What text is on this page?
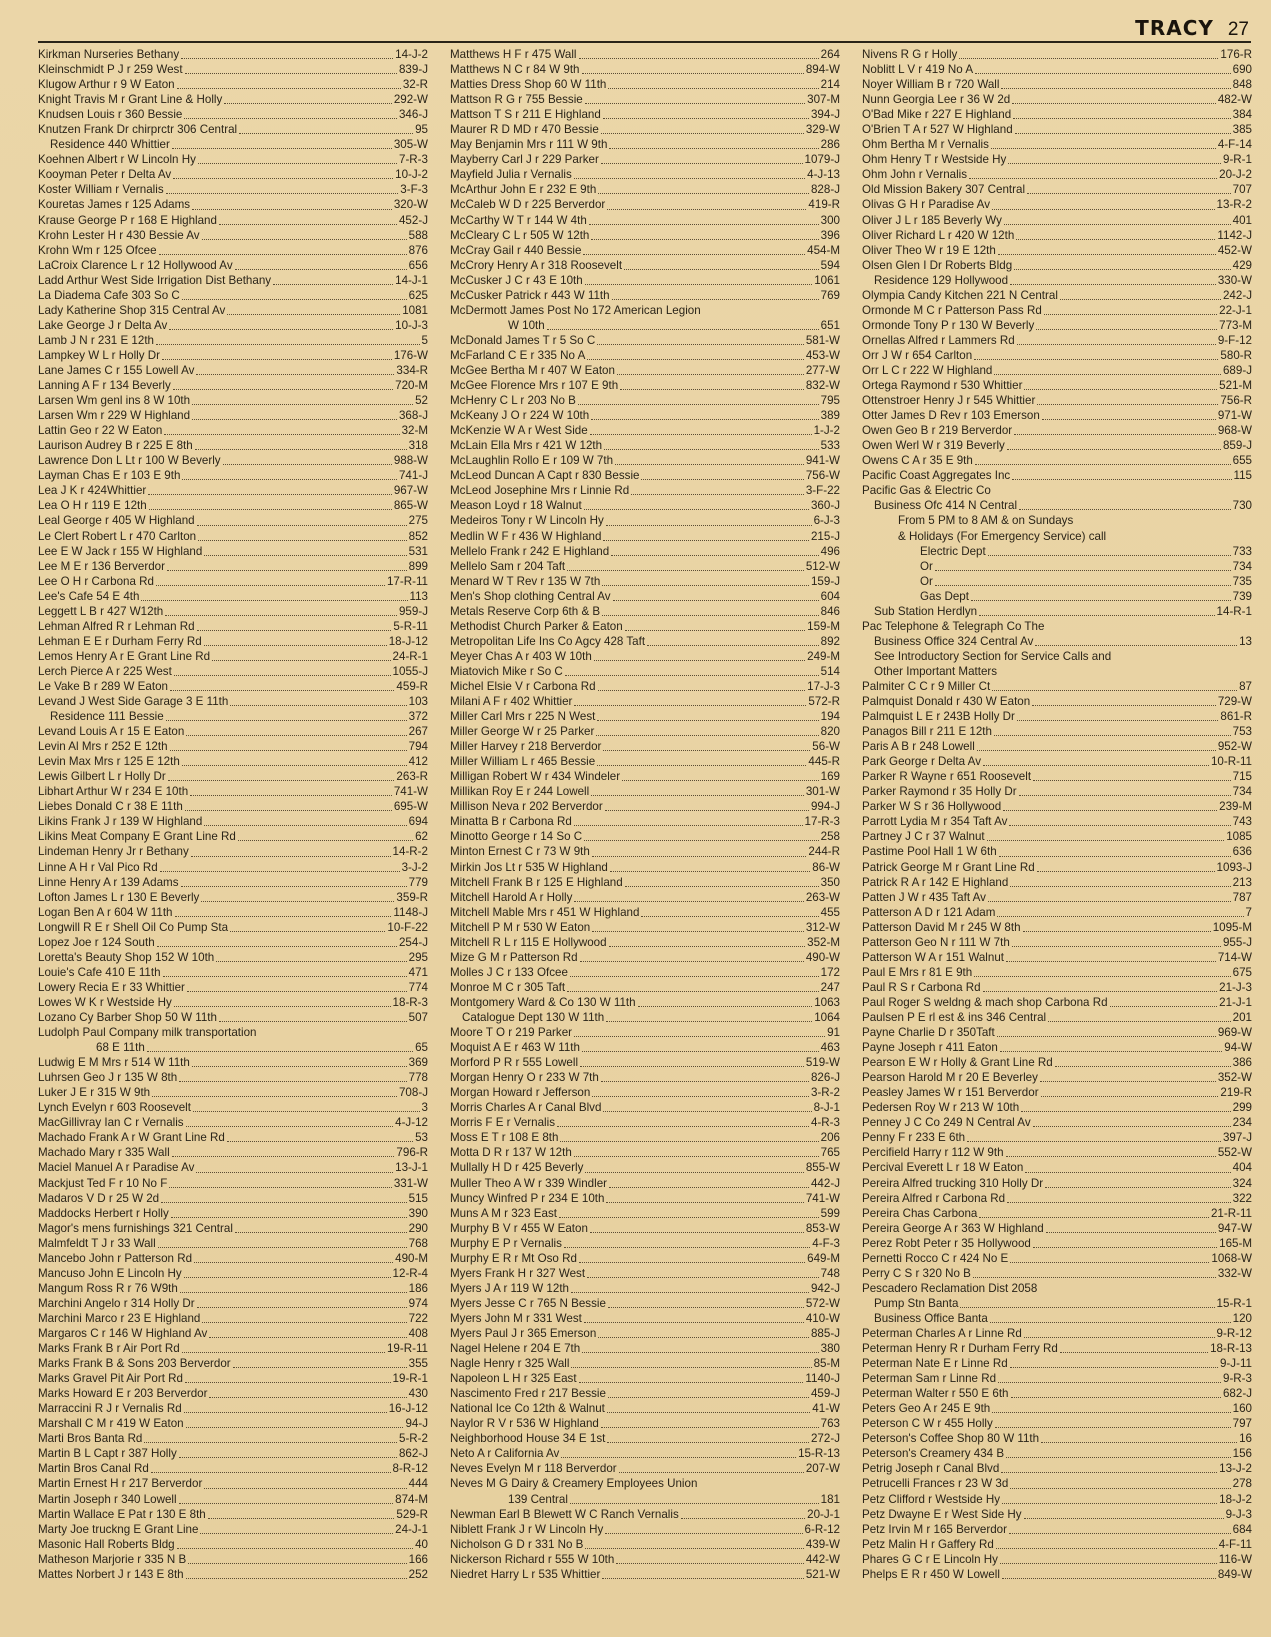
TRACY 27
Kirkman Nurseries Bethany	14-J-2
Kleinschmidt P J r 259 West	839-J
Klugow Arthur r 9 W Eaton	32-R
Knight Travis M r Grant Line & Holly	292-W
Knudsen Louis r 360 Bessie	346-J
Knutzen Frank Dr chirprctr 306 Central	95
Residence 440 Whittier	305-W
Koehnen Albert r W Lincoln Hy	7-R-3
Kooyman Peter r Delta Av	10-J-2
Koster William r Vernalis	3-F-3
Kouretas James r 125 Adams	320-W
Krause George P r 168 E Highland	452-J
Krohn Lester H r 430 Bessie Av	588
Krohn Wm r 125 Ofcee	876
LaCroix Clarence L r 12 Hollywood Av	656
Ladd Arthur West Side Irrigation Dist Bethany	14-J-1
La Diadema Cafe 303 So C	625
Lady Katherine Shop 315 Central Av	1081
Lake George J r Delta Av	10-J-3
Lamb J N r 231 E 12th	5
Lampkey W L r Holly Dr	176-W
Lane James C r 155 Lowell Av	334-R
Lanning A F r 134 Beverly	720-M
Larsen Wm genl ins 8 W 10th	52
Larsen Wm r 229 W Highland	368-J
Lattin Geo r 22 W Eaton	32-M
Laurison Audrey B r 225 E 8th	318
Lawrence Don L Lt r 100 W Beverly	988-W
Layman Chas E r 103 E 9th	741-J
Lea J K r 424Whittier	967-W
Lea O H r 119 E 12th	865-W
Leal George r 405 W Highland	275
Le Clert Robert L r 470 Carlton	852
Lee E W Jack r 155 W Highland	531
Lee M E r 136 Berverdor	899
Lee O H r Carbona Rd	17-R-11
Lee's Cafe 54 E 4th	113
Leggett L B r 427 W12th	959-J
Lehman Alfred R r Lehman Rd	5-R-11
Lehman E E r Durham Ferry Rd	18-J-12
Lemos Henry A r E Grant Line Rd	24-R-1
Lerch Pierce A r 225 West	1055-J
Le Vake B r 289 W Eaton	459-R
Levand J West Side Garage 3 E 11th	103
Residence 111 Bessie	372
Levand Louis A r 15 E Eaton	267
Levin Al Mrs r 252 E 12th	794
Levin Max Mrs r 125 E 12th	412
Lewis Gilbert L r Holly Dr	263-R
Libhart Arthur W r 234 E 10th	741-W
Liebes Donald C r 38 E 11th	695-W
Likins Frank J r 139 W Highland	694
Likins Meat Company E Grant Line Rd	62
Lindeman Henry Jr r Bethany	14-R-2
Linne A H r Val Pico Rd	3-J-2
Linne Henry A r 139 Adams	779
Lofton James L r 130 E Beverly	359-R
Logan Ben A r 604 W 11th	1148-J
Longwill R E r Shell Oil Co Pump Sta	10-F-22
Lopez Joe r 124 South	254-J
Loretta's Beauty Shop 152 W 10th	295
Louie's Cafe 410 E 11th	471
Lowery Recia E r 33 Whittier	774
Lowes W K r Westside Hy	18-R-3
Lozano Cy Barber Shop 50 W 11th	507
Ludolph Paul Company milk transportation
68 E 11th	65
Ludwig E M Mrs r 514 W 11th	369
Luhrsen Geo J r 135 W 8th	778
Luker J E r 315 W 9th	708-J
Lynch Evelyn r 603 Roosevelt	3
MacGillivray Ian C r Vernalis	4-J-12
Machado Frank A r W Grant Line Rd	53
Machado Mary r 335 Wall	796-R
Maciel Manuel A r Paradise Av	13-J-1
Mackjust Ted F r 10 No F	331-W
Madaros V D r 25 W 2d	515
Maddocks Herbert r Holly	390
Magor's mens furnishings 321 Central	290
Malmfeldt T J r 33 Wall	768
Mancebo John r Patterson Rd	490-M
Mancuso John E Lincoln Hy	12-R-4
Mangum Ross R r 76 W9th	186
Marchini Angelo r 314 Holly Dr	974
Marchini Marco r 23 E Highland	722
Margaros C r 146 W Highland Av	408
Marks Frank B r Air Port Rd	19-R-11
Marks Frank B & Sons 203 Berverdor	355
Marks Gravel Pit Air Port Rd	19-R-1
Marks Howard E r 203 Berverdor	430
Marraccini R J r Vernalis Rd	16-J-12
Marshall C M r 419 W Eaton	94-J
Marti Bros Banta Rd	5-R-2
Martin B L Capt r 387 Holly	862-J
Martin Bros Canal Rd	8-R-12
Martin Ernest H r 217 Berverdor	444
Martin Joseph r 340 Lowell	874-M
Martin Wallace E Pat r 130 E 8th	529-R
Marty Joe truckng E Grant Line	24-J-1
Masonic Hall Roberts Bldg	40
Matheson Marjorie r 335 N B	166
Mattes Norbert J r 143 E 8th	252
Matthews H F r 475 Wall	264
Matthews N C r 84 W 9th	894-W
Matties Dress Shop 60 W 11th	214
Mattson R G r 755 Bessie	307-M
Mattson T S r 211 E Highland	394-J
Maurer R D MD r 470 Bessie	329-W
May Benjamin Mrs r 111 W 9th	286
Mayberry Carl J r 229 Parker	1079-J
Mayfield Julia r Vernalis	4-J-13
McArthur John E r 232 E 9th	828-J
McCaleb W D r 225 Berverdor	419-R
McCarthy W T r 144 W 4th	300
McCleary C L r 505 W 12th	396
McCray Gail r 440 Bessie	454-M
McCrory Henry A r 318 Roosevelt	594
McCusker J C r 43 E 10th	1061
McCusker Patrick r 443 W 11th	769
McDermott James Post No 172 American Legion
W 10th	651
McDonald James T r 5 So C	581-W
McFarland C E r 335 No A	453-W
McGee Bertha M r 407 W Eaton	277-W
McGee Florence Mrs r 107 E 9th	832-W
McHenry C L r 203 No B	795
McKeany J O r 224 W 10th	389
McKenzie W A r West Side	1-J-2
McLain Ella Mrs r 421 W 12th	533
McLaughlin Rollo E r 109 W 7th	941-W
McLeod Duncan A Capt r 830 Bessie	756-W
McLeod Josephine Mrs r Linnie Rd	3-F-22
Meason Loyd r 18 Walnut	360-J
Medeiros Tony r W Lincoln Hy	6-J-3
Medlin W F r 436 W Highland	215-J
Mellelo Frank r 242 E Highland	496
Mellelo Sam r 204 Taft	512-W
Menard W T Rev r 135 W 7th	159-J
Men's Shop clothing Central Av	604
Metals Reserve Corp 6th & B	846
Methodist Church Parker & Eaton	159-M
Metropolitan Life Ins Co Agcy 428 Taft	892
Meyer Chas A r 403 W 10th	249-M
Miatovich Mike r So C	514
Michel Elsie V r Carbona Rd	17-J-3
Milani A F r 402 Whittier	572-R
Miller Carl Mrs r 225 N West	194
Miller George W r 25 Parker	820
Miller Harvey r 218 Berverdor	56-W
Miller William L r 465 Bessie	445-R
Milligan Robert W r 434 Windeler	169
Millikan Roy E r 244 Lowell	301-W
Millison Neva r 202 Berverdor	994-J
Minatta B r Carbona Rd	17-R-3
Minotto George r 14 So C	258
Minton Ernest C r 73 W 9th	244-R
Mirkin Jos Lt r 535 W Highland	86-W
Mitchell Frank B r 125 E Highland	350
Mitchell Harold A r Holly	263-W
Mitchell Mable Mrs r 451 W Highland	455
Mitchell P M r 530 W Eaton	312-W
Mitchell R L r 115 E Hollywood	352-M
Mize G M r Patterson Rd	490-W
Molles J C r 133 Ofcee	172
Monroe M C r 305 Taft	247
Montgomery Ward & Co 130 W 11th	1063
Catalogue Dept 130 W 11th	1064
Moore T O r 219 Parker	91
Moquist A E r 463 W 11th	463
Morford P R r 555 Lowell	519-W
Morgan Henry O r 233 W 7th	826-J
Morgan Howard r Jefferson	3-R-2
Morris Charles A r Canal Blvd	8-J-1
Morris F E r Vernalis	4-R-3
Moss E T r 108 E 8th	206
Motta D R r 137 W 12th	765
Mullally H D r 425 Beverly	855-W
Muller Theo A W r 339 Windler	442-J
Muncy Winfred P r 234 E 10th	741-W
Muns A M r 323 East	599
Murphy B V r 455 W Eaton	853-W
Murphy E P r Vernalis	4-F-3
Murphy E R r Mt Oso Rd	649-M
Myers Frank H r 327 West	748
Myers J A r 119 W 12th	942-J
Myers Jesse C r 765 N Bessie	572-W
Myers John M r 331 West	410-W
Myers Paul J r 365 Emerson	885-J
Nagel Helene r 204 E 7th	380
Nagle Henry r 325 Wall	85-M
Napoleon L H r 325 East	1140-J
Nascimento Fred r 217 Bessie	459-J
National Ice Co 12th & Walnut	41-W
Naylor R V r 536 W Highland	763
Neighborhood House 34 E 1st	272-J
Neto A r California Av	15-R-13
Neves Evelyn M r 118 Berverdor	207-W
Neves M G Dairy & Creamery Employees Union
139 Central	181
Newman Earl B Blewett W C Ranch Vernalis	20-J-1
Niblett Frank J r W Lincoln Hy	6-R-12
Nicholson G D r 331 No B	439-W
Nickerson Richard r 555 W 10th	442-W
Niedret Harry L r 535 Whittier	521-W
Nivens R G r Holly	176-R
Noblitt L V r 419 No A	690
Noyer William B r 720 Wall	848
Nunn Georgia Lee r 36 W 2d	482-W
O'Bad Mike r 227 E Highland	384
O'Brien T A r 527 W Highland	385
Ohm Bertha M r Vernalis	4-F-14
Ohm Henry T r Westside Hy	9-R-1
Ohm John r Vernalis	20-J-2
Old Mission Bakery 307 Central	707
Olivas G H r Paradise Av	13-R-2
Oliver J L r 185 Beverly Wy	401
Oliver Richard L r 420 W 12th	1142-J
Oliver Theo W r 19 E 12th	452-W
Olsen Glen I Dr Roberts Bldg	429
Residence 129 Hollywood	330-W
Olympia Candy Kitchen 221 N Central	242-J
Ormonde M C r Patterson Pass Rd	22-J-1
Ormonde Tony P r 130 W Beverly	773-M
Ornellas Alfred r Lammers Rd	9-F-12
Orr J W r 654 Carlton	580-R
Orr L C r 222 W Highland	689-J
Ortega Raymond r 530 Whittier	521-M
Ottenstroer Henry J r 545 Whittier	756-R
Otter James D Rev r 103 Emerson	971-W
Owen Geo B r 219 Berverdor	968-W
Owen Werl W r 319 Beverly	859-J
Owens C A r 35 E 9th	655
Pacific Coast Aggregates Inc	115
Pacific Gas & Electric Co
Business Ofc 414 N Central	730
From 5 PM to 8 AM & on Sundays
& Holidays (For Emergency Service) call
Electric Dept	733
Or	734
Or	735
Gas Dept	739
Sub Station Herdlyn	14-R-1
Pac Telephone & Telegraph Co The
Business Office 324 Central Av	13
See Introductory Section for Service Calls and
Other Important Matters
Palmiter C C r 9 Miller Ct	87
Palmquist Donald r 430 W Eaton	729-W
Palmquist L E r 243B Holly Dr	861-R
Panagos Bill r 211 E 12th	753
Paris A B r 248 Lowell	952-W
Park George r Delta Av	10-R-11
Parker R Wayne r 651 Roosevelt	715
Parker Raymond r 35 Holly Dr	734
Parker W S r 36 Hollywood	239-M
Parrott Lydia M r 354 Taft Av	743
Partney J C r 37 Walnut	1085
Pastime Pool Hall 1 W 6th	636
Patrick George M r Grant Line Rd	1093-J
Patrick R A r 142 E Highland	213
Patten J W r 435 Taft Av	787
Patterson A D r 121 Adam	7
Patterson David M r 245 W 8th	1095-M
Patterson Geo N r 111 W 7th	955-J
Patterson W A r 151 Walnut	714-W
Paul E Mrs r 81 E 9th	675
Paul R S r Carbona Rd	21-J-3
Paul Roger S weldng & mach shop Carbona Rd	21-J-1
Paulsen P E rl est & ins 346 Central	201
Payne Charlie D r 350Taft	969-W
Payne Joseph r 411 Eaton	94-W
Pearson E W r Holly & Grant Line Rd	386
Pearson Harold M r 20 E Beverley	352-W
Peasley James W r 151 Berverdor	219-R
Pedersen Roy W r 213 W 10th	299
Penney J C Co 249 N Central Av	234
Penny F r 233 E 6th	397-J
Percifield Harry r 112 W 9th	552-W
Percival Everett L r 18 W Eaton	404
Pereira Alfred trucking 310 Holly Dr	324
Pereira Alfred r Carbona Rd	322
Pereira Chas Carbona	21-R-11
Pereira George A r 363 W Highland	947-W
Perez Robt Peter r 35 Hollywood	165-M
Pernetti Rocco C r 424 No E	1068-W
Perry C S r 320 No B	332-W
Pescadero Reclamation Dist 2058
Pump Stn Banta	15-R-1
Business Office Banta	120
Peterman Charles A r Linne Rd	9-R-12
Peterman Henry R r Durham Ferry Rd	18-R-13
Peterman Nate E r Linne Rd	9-J-11
Peterman Sam r Linne Rd	9-R-3
Peterman Walter r 550 E 6th	682-J
Peters Geo A r 245 E 9th	160
Peterson C W r 455 Holly	797
Peterson's Coffee Shop 80 W 11th	16
Peterson's Creamery 434 B	156
Petrig Joseph r Canal Blvd	13-J-2
Petrucelli Frances r 23 W 3d	278
Petz Clifford r Westside Hy	18-J-2
Petz Dwayne E r West Side Hy	9-J-3
Petz Irvin M r 165 Berverdor	684
Petz Malin H r Gaffery Rd	4-F-11
Phares G C r E Lincoln Hy	116-W
Phelps E R r 450 W Lowell	849-W
